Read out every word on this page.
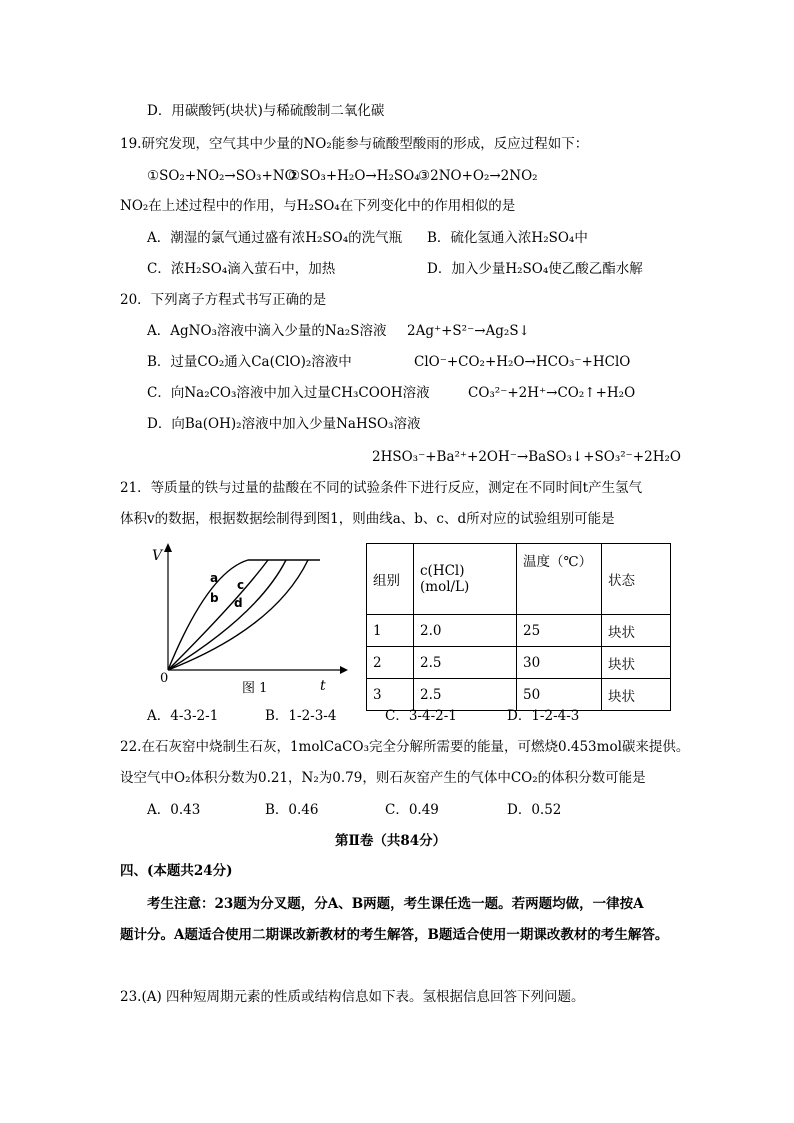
D．用碳酸钙(块状)与稀硫酸制二氧化碳
19.研究发现，空气其中少量的NO₂能参与硫酸型酸雨的形成，反应过程如下：
①SO₂+NO₂→SO₃+NO
②SO₃+H₂O→H₂SO₄
③2NO+O₂→2NO₂
NO₂在上述过程中的作用，与H₂SO₄在下列变化中的作用相似的是
A．潮湿的氯气通过盛有浓H₂SO₄的洗气瓶 B．硫化氢通入浓H₂SO₄中
C．浓H₂SO₄滴入萤石中，加热	D．加入少量H₂SO₄使乙酸乙酯水解
20．下列离子方程式书写正确的是
A．AgNO₃溶液中滴入少量的Na₂S溶液 2Ag⁺+S²⁻→Ag₂S↓
B．过量CO₂通入Ca(ClO)₂溶液中	ClO⁻+CO₂+H₂O→HCO₃⁻+HClO
C．向Na₂CO₃溶液中加入过量CH₃COOH溶液	CO₃²⁻+2H⁺→CO₂↑+H₂O
D．向Ba(OH)₂溶液中加入少量NaHSO₃溶液
2HSO₃⁻+Ba²⁺+2OH⁻→BaSO₃↓+SO₃²⁻+2H₂O
21．等质量的铁与过量的盐酸在不同的试验条件下进行反应，测定在不同时间t产生氢气
体积v的数据，根据数据绘制得到图1，则曲线a、b、c、d所对应的试验组别可能是
V
t
0
a
b
c
d
图 1
组别	c(HCl)(mol/L)	温度（℃）	状态
1	2.0	25	块状
2	2.5	30	块状
3	2.5	50	块状
A．4-3-2-1	B．1-2-3-4	C．3-4-2-1	D．1-2-4-3
22.在石灰窑中烧制生石灰，1molCaCO₃完全分解所需要的能量，可燃烧0.453mol碳来提供。
设空气中O₂体积分数为0.21，N₂为0.79，则石灰窑产生的气体中CO₂的体积分数可能是
A．0.43	B．0.46	C．0.49	D．0.52
第Ⅱ卷（共84分）
四、(本题共24分)
考生注意：23题为分叉题，分A、B两题，考生课任选一题。若两题均做，一律按A
题计分。A题适合使用二期课改新教材的考生解答，B题适合使用一期课改教材的考生解答。
23.(A) 四种短周期元素的性质或结构信息如下表。氢根据信息回答下列问题。
